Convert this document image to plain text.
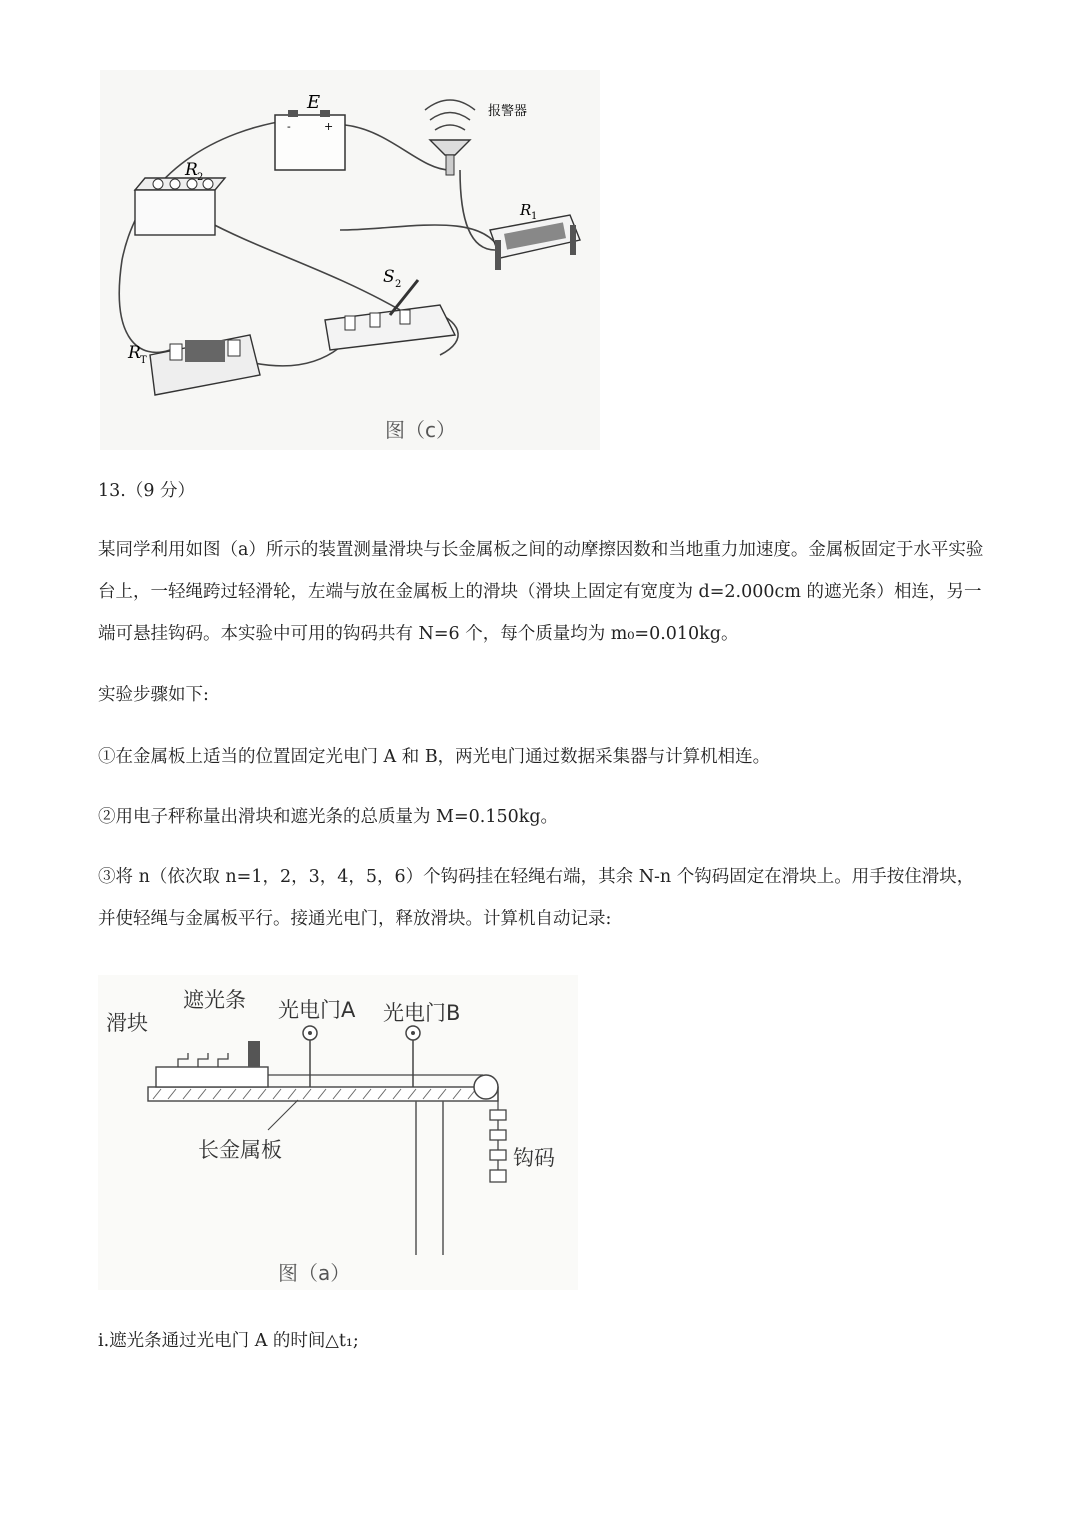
E
+
-
报警器
R 2
R 1
S 2
R T
图（c）
13.（9 分）
某同学利用如图（a）所示的装置测量滑块与长金属板之间的动摩擦因数和当地重力加速度。金属板固定于水平实验台上，一轻绳跨过轻滑轮，左端与放在金属板上的滑块（滑块上固定有宽度为 d=2.000cm 的遮光条）相连，另一端可悬挂钩码。本实验中可用的钩码共有 N=6 个，每个质量均为 m₀=0.010kg。
实验步骤如下:
①在金属板上适当的位置固定光电门 A 和 B，两光电门通过数据采集器与计算机相连。
②用电子秤称量出滑块和遮光条的总质量为 M=0.150kg。
③将 n（依次取 n=1，2，3，4，5，6）个钩码挂在轻绳右端，其余 N-n 个钩码固定在滑块上。用手按住滑块，并使轻绳与金属板平行。接通光电门，释放滑块。计算机自动记录:
滑块
遮光条 光电门A 光电门B
长金属板	钩码
图（a）
i.遮光条通过光电门 A 的时间△t₁;
